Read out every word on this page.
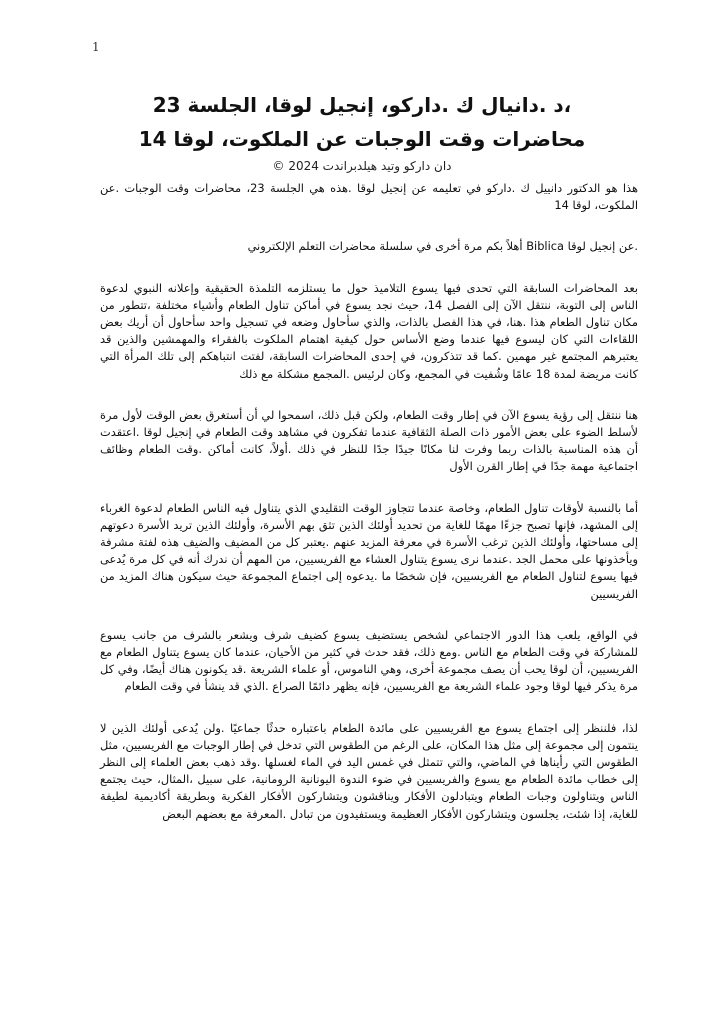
1
،د .دانيال ك .داركو، إنجيل لوقا، الجلسة 23
محاضرات وقت الوجبات عن الملكوت، لوقا 14
دان داركو وتيد هيلدبراندت 2024 ©

هذا هو الدكتور دانييل ك .داركو في تعليمه عن إنجيل لوقا .هذه هي الجلسة 23، محاضرات وقت الوجبات .عن الملكوت، لوقا 14

.عن إنجيل لوقا Biblica أهلاً بكم مرة أخرى في سلسلة محاضرات التعلم الإلكتروني

بعد المحاضرات السابقة التي تحدى فيها يسوع التلاميذ حول ما يستلزمه التلمذة الحقيقية وإعلانه النبوي لدعوة الناس إلى التوبة، ننتقل الآن إلى الفصل 14، حيث نجد يسوع في أماكن تناول الطعام وأشياء مختلفة ،تتطور من مكان تناول الطعام هذا .هنا، في هذا الفصل بالذات، والذي سأحاول وضعه في تسجيل واحد سأحاول أن أريك بعض اللقاءات التي كان ليسوع فيها عندما وضع الأساس حول كيفية اهتمام الملكوت بالفقراء والمهمشين والذين قد يعتبرهم المجتمع غير مهمين .كما قد تتذكرون، في إحدى المحاضرات السابقة، لفتت انتباهكم إلى تلك المرأة التي كانت مريضة لمدة 18 عامًا وشُفيت في المجمع، وكان لرئيس .المجمع مشكلة مع ذلك

هنا ننتقل إلى رؤية يسوع الآن في إطار وقت الطعام، ولكن قبل ذلك، اسمحوا لي أن أستغرق بعض الوقت لأول مرة لأسلط الضوء على بعض الأمور ذات الصلة الثقافية عندما تفكرون في مشاهد وقت الطعام في إنجيل لوقا .اعتقدت أن هذه المناسبة بالذات ربما وفرت لنا مكانًا جيدًا جدًا للنظر في ذلك .أولاً، كانت أماكن .وقت الطعام وظائف اجتماعية مهمة جدًا في إطار القرن الأول

أما بالنسبة لأوقات تناول الطعام، وخاصة عندما تتجاوز الوقت التقليدي الذي يتناول فيه الناس الطعام لدعوة الغرباء إلى المشهد، فإنها تصبح جزءًا مهمًا للغاية من تحديد أولئك الذين تثق بهم الأسرة، وأولئك الذين تريد الأسرة دعوتهم إلى مساحتها، وأولئك الذين ترغب الأسرة في معرفة المزيد عنهم .يعتبر كل من المضيف والضيف هذه لفتة مشرفة ويأخذونها على محمل الجد .عندما نرى يسوع يتناول العشاء مع الفريسيين، من المهم أن ندرك أنه في كل مرة يُدعى فيها يسوع لتناول الطعام مع الفريسيين، فإن شخصًا ما .يدعوه إلى اجتماع المجموعة حيث سيكون هناك المزيد من الفريسيين

في الواقع، يلعب هذا الدور الاجتماعي لشخص يستضيف يسوع كضيف شرف ويشعر بالشرف من جانب يسوع للمشاركة في وقت الطعام مع الناس .ومع ذلك، فقد حدث في كثير من الأحيان، عندما كان يسوع يتناول الطعام مع الفريسيين، أن لوقا يحب أن يصف مجموعة أخرى، وهي الناموس، أو علماء الشريعة .قد يكونون هناك أيضًا، وفي كل مرة يذكر فيها لوقا وجود علماء الشريعة مع الفريسيين، فإنه يظهر دائمًا الصراع .الذي قد ينشأ في وقت الطعام

لذا، فلننظر إلى اجتماع يسوع مع الفريسيين على مائدة الطعام باعتباره حدثًا جماعيًا .ولن يُدعى أولئك الذين لا ينتمون إلى مجموعة إلى مثل هذا المكان، على الرغم من الطقوس التي تدخل في إطار الوجبات مع الفريسيين، مثل الطقوس التي رأيناها في الماضي، والتي تتمثل في غمس اليد في الماء لغسلها .وقد ذهب بعض العلماء إلى النظر إلى خطاب مائدة الطعام مع يسوع والفريسيين في ضوء الندوة اليونانية الرومانية، على سبيل ،المثال، حيث يجتمع الناس ويتناولون وجبات الطعام ويتبادلون الأفكار ويناقشون ويتشاركون الأفكار الفكرية وبطريقة أكاديمية لطيفة للغاية، إذا شئت، يجلسون ويتشاركون الأفكار العظيمة ويستفيدون من تبادل .المعرفة مع بعضهم البعض
